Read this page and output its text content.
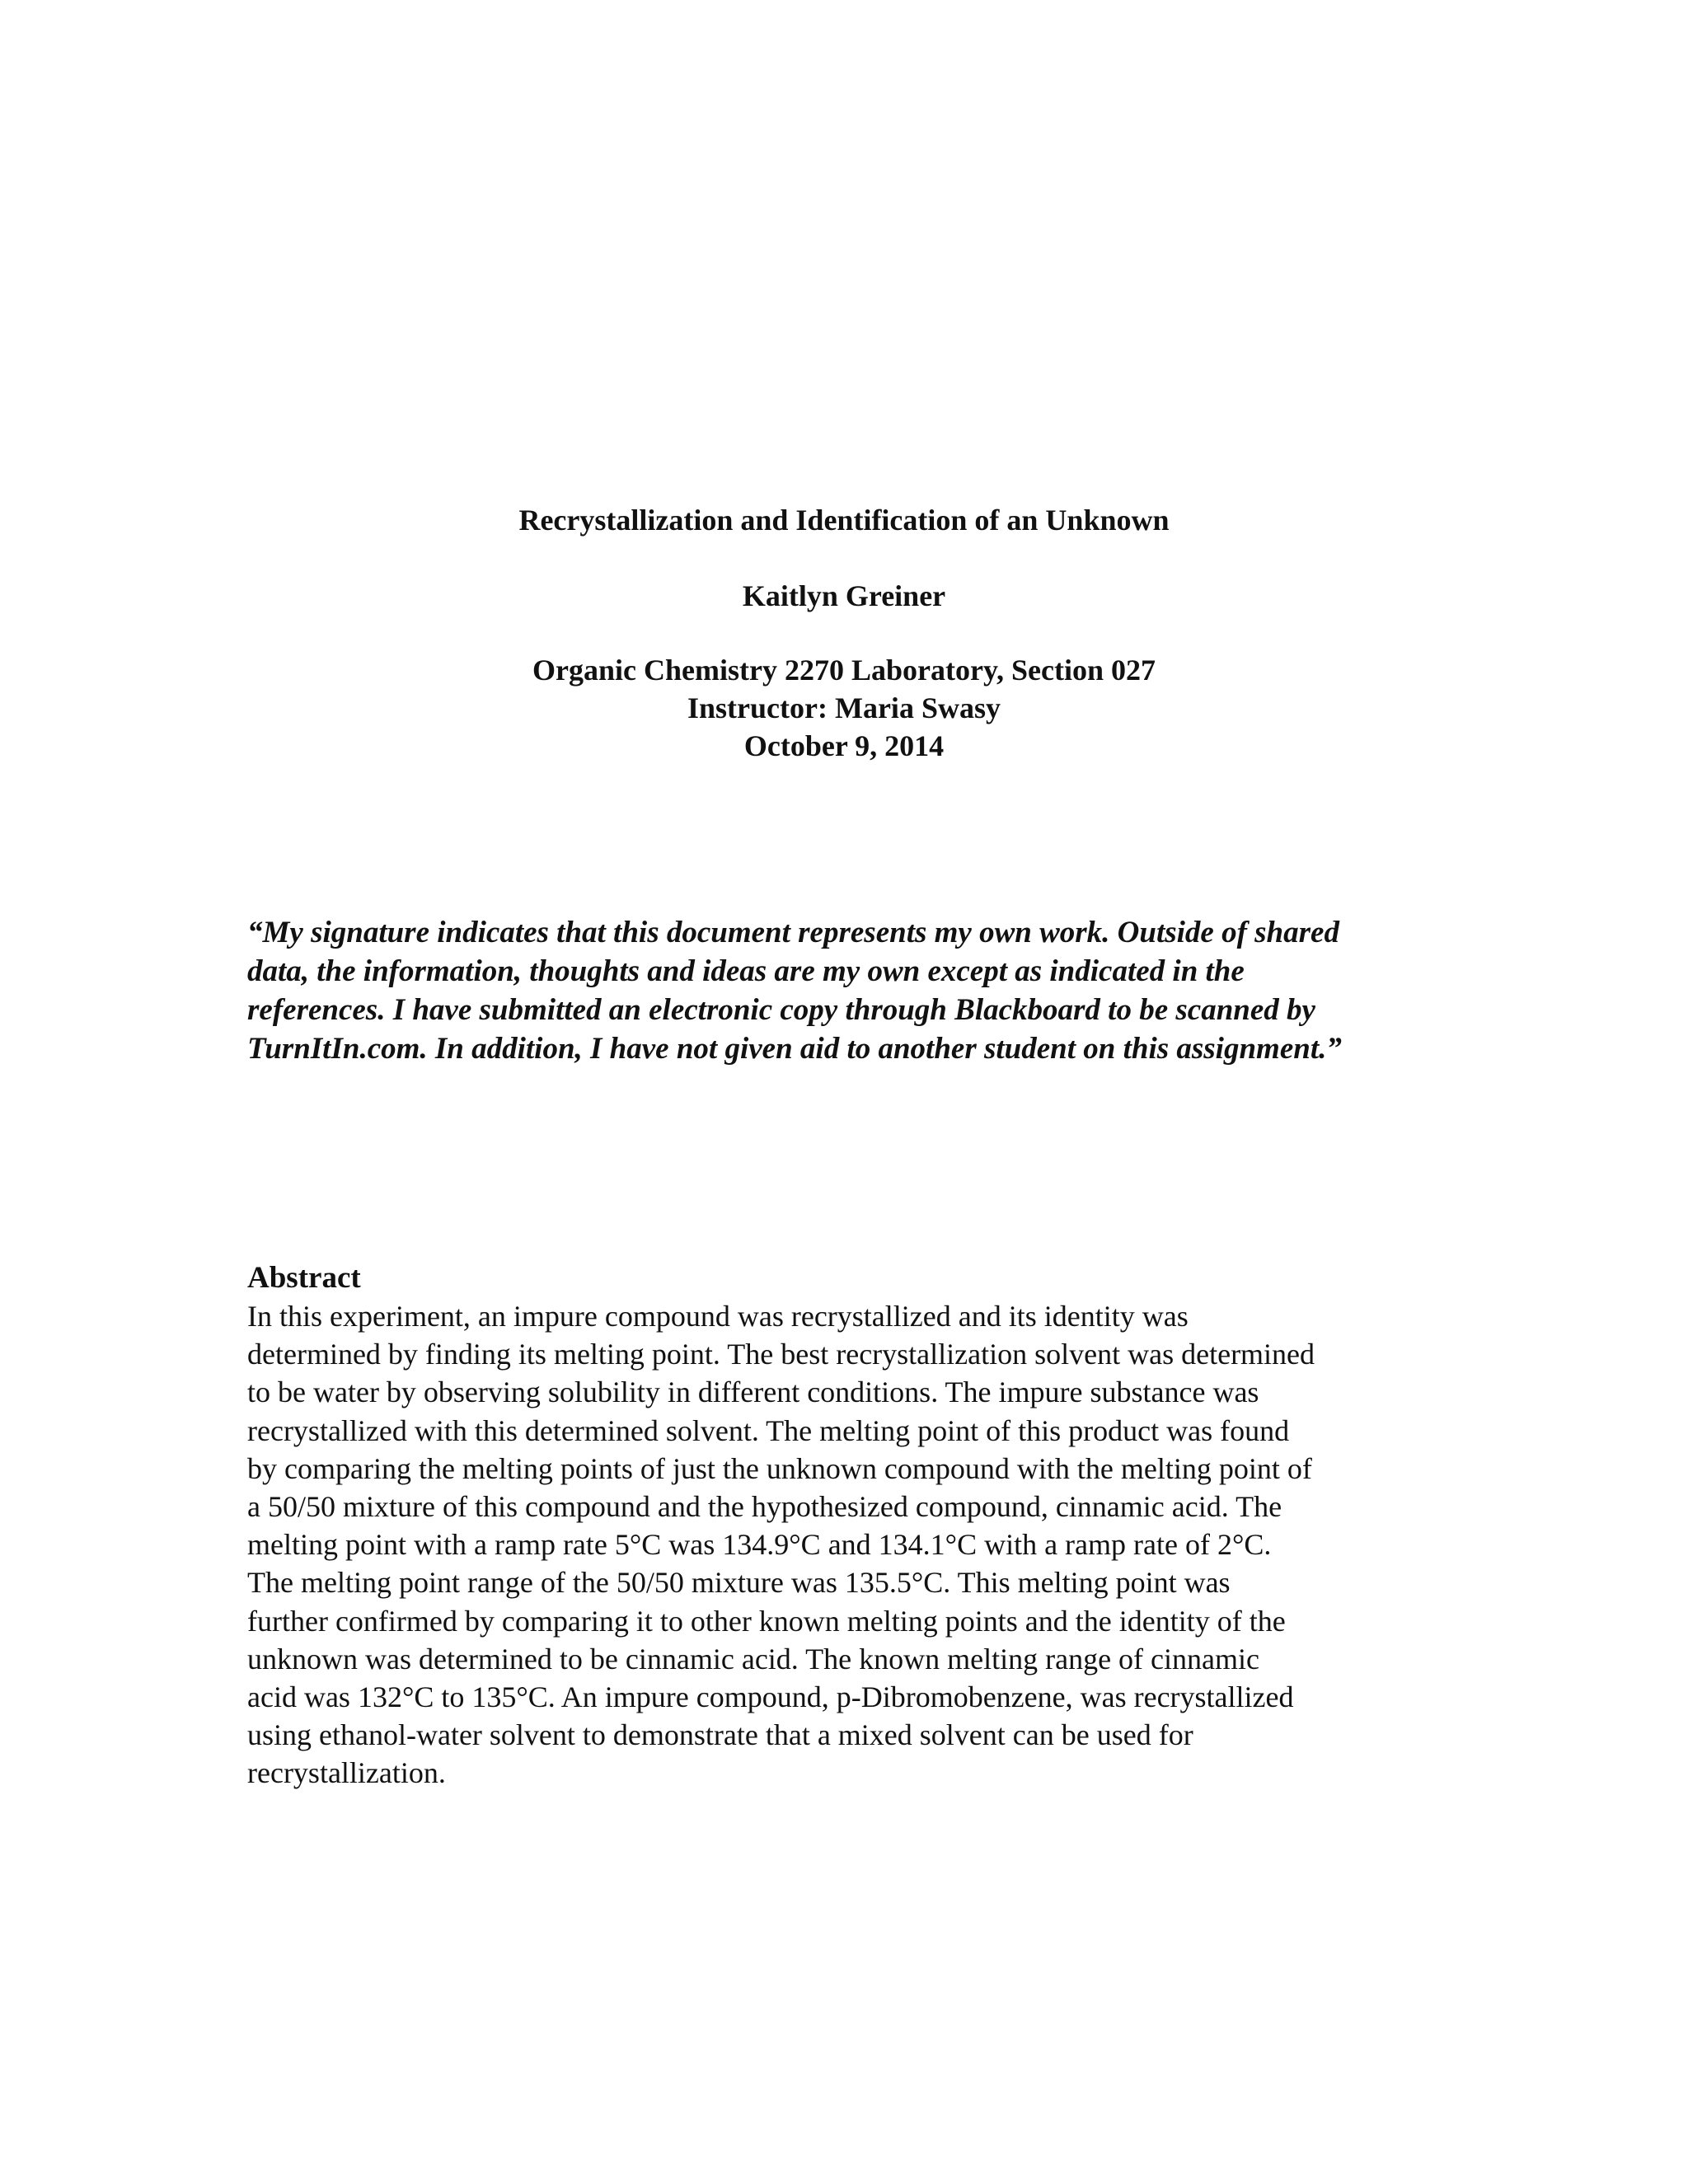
Recrystallization and Identification of an Unknown
Kaitlyn Greiner
Organic Chemistry 2270 Laboratory, Section 027
Instructor: Maria Swasy
October 9, 2014
“My signature indicates that this document represents my own work. Outside of shared
data, the information, thoughts and ideas are my own except as indicated in the
references. I have submitted an electronic copy through Blackboard to be scanned by
TurnItIn.com. In addition, I have not given aid to another student on this assignment.”
Abstract
In this experiment, an impure compound was recrystallized and its identity was
determined by finding its melting point. The best recrystallization solvent was determined
to be water by observing solubility in different conditions. The impure substance was
recrystallized with this determined solvent. The melting point of this product was found
by comparing the melting points of just the unknown compound with the melting point of
a 50/50 mixture of this compound and the hypothesized compound, cinnamic acid. The
melting point with a ramp rate 5°C was 134.9°C and 134.1°C with a ramp rate of 2°C.
The melting point range of the 50/50 mixture was 135.5°C. This melting point was
further confirmed by comparing it to other known melting points and the identity of the
unknown was determined to be cinnamic acid. The known melting range of cinnamic
acid was 132°C to 135°C. An impure compound, p-Dibromobenzene, was recrystallized
using ethanol-water solvent to demonstrate that a mixed solvent can be used for
recrystallization.
